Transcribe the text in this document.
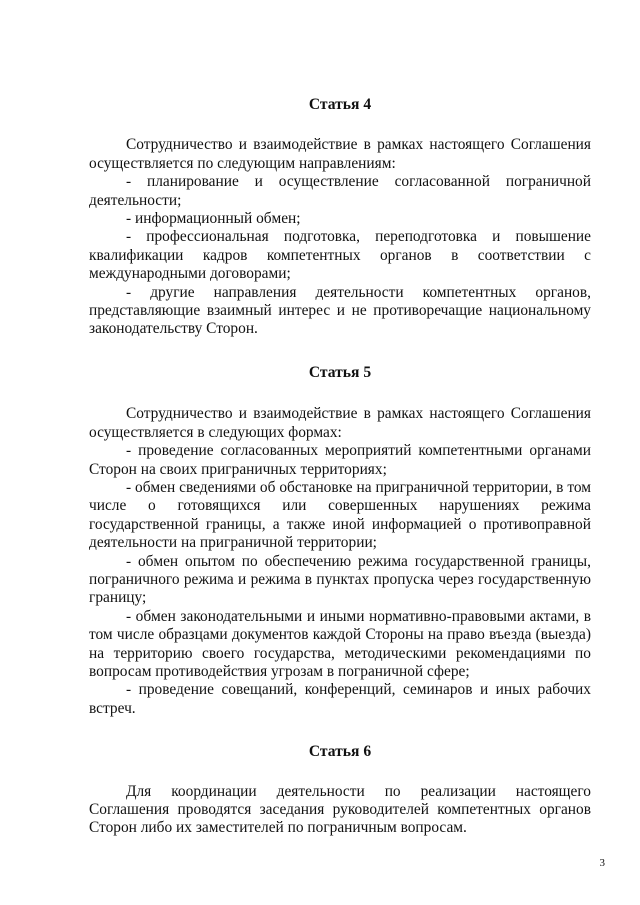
Статья 4

Сотрудничество и взаимодействие в рамках настоящего Соглашения осуществляется по следующим направлениям:

- планирование и осуществление согласованной пограничной деятельности;

- информационный обмен;

- профессиональная подготовка, переподготовка и повышение квалификации кадров компетентных органов в соответствии с международными договорами;

- другие направления деятельности компетентных органов, представляющие взаимный интерес и не противоречащие национальному законодательству Сторон.

Статья 5

Сотрудничество и взаимодействие в рамках настоящего Соглашения осуществляется в следующих формах:

- проведение согласованных мероприятий компетентными органами Сторон на своих приграничных территориях;

- обмен сведениями об обстановке на приграничной территории, в том числе о готовящихся или совершенных нарушениях режима государственной границы, а также иной информацией о противоправной деятельности на приграничной территории;

- обмен опытом по обеспечению режима государственной границы, пограничного режима и режима в пунктах пропуска через государственную границу;

- обмен законодательными и иными нормативно-правовыми актами, в том числе образцами документов каждой Стороны на право въезда (выезда) на территорию своего государства, методическими рекомендациями по вопросам противодействия угрозам в пограничной сфере;

- проведение совещаний, конференций, семинаров и иных рабочих встреч.

Статья 6

Для координации деятельности по реализации настоящего Соглашения проводятся заседания руководителей компетентных органов Сторон либо их заместителей по пограничным вопросам.

3
